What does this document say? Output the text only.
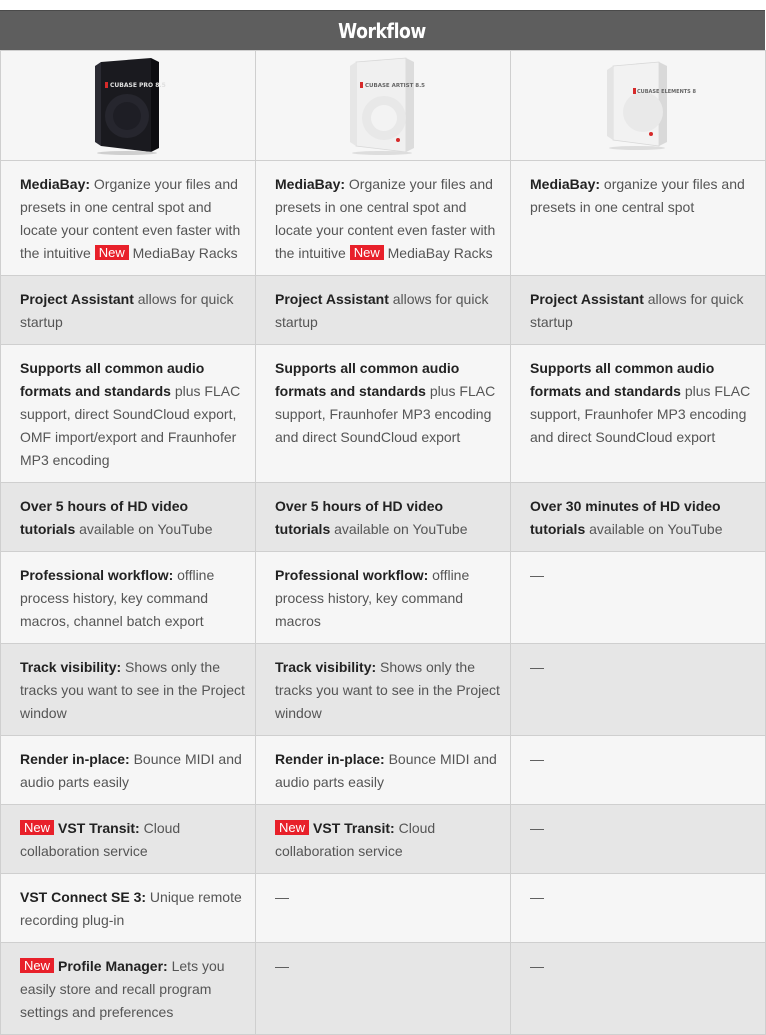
Workflow
CUBASE PRO 8.5	CUBASE ARTIST 8.5	CUBASE ELEMENTS 8

MediaBay: Organize your files and presets in one central spot and locate your content even faster with the intuitive New MediaBay Racks	MediaBay: Organize your files and presets in one central spot and locate your content even faster with the intuitive New MediaBay Racks	MediaBay: organize your files and presets in one central spot
Project Assistant allows for quick startup	Project Assistant allows for quick startup	Project Assistant allows for quick startup
Supports all common audio formats and standards plus FLAC support, direct SoundCloud export, OMF import/export and Fraunhofer MP3 encoding	Supports all common audio formats and standards plus FLAC support, Fraunhofer MP3 encoding and direct SoundCloud export	Supports all common audio formats and standards plus FLAC support, Fraunhofer MP3 encoding and direct SoundCloud export
Over 5 hours of HD video tutorials available on YouTube	Over 5 hours of HD video tutorials available on YouTube	Over 30 minutes of HD video tutorials available on YouTube
Professional workflow: offline process history, key command macros, channel batch export	Professional workflow: offline process history, key command macros	—
Track visibility: Shows only the tracks you want to see in the Project window	Track visibility: Shows only the tracks you want to see in the Project window	—
Render in-place: Bounce MIDI and audio parts easily	Render in-place: Bounce MIDI and audio parts easily	—
New VST Transit: Cloud collaboration service	New VST Transit: Cloud collaboration service	—
VST Connect SE 3: Unique remote recording plug-in	—	—
New Profile Manager: Lets you easily store and recall program settings and preferences	—	—
